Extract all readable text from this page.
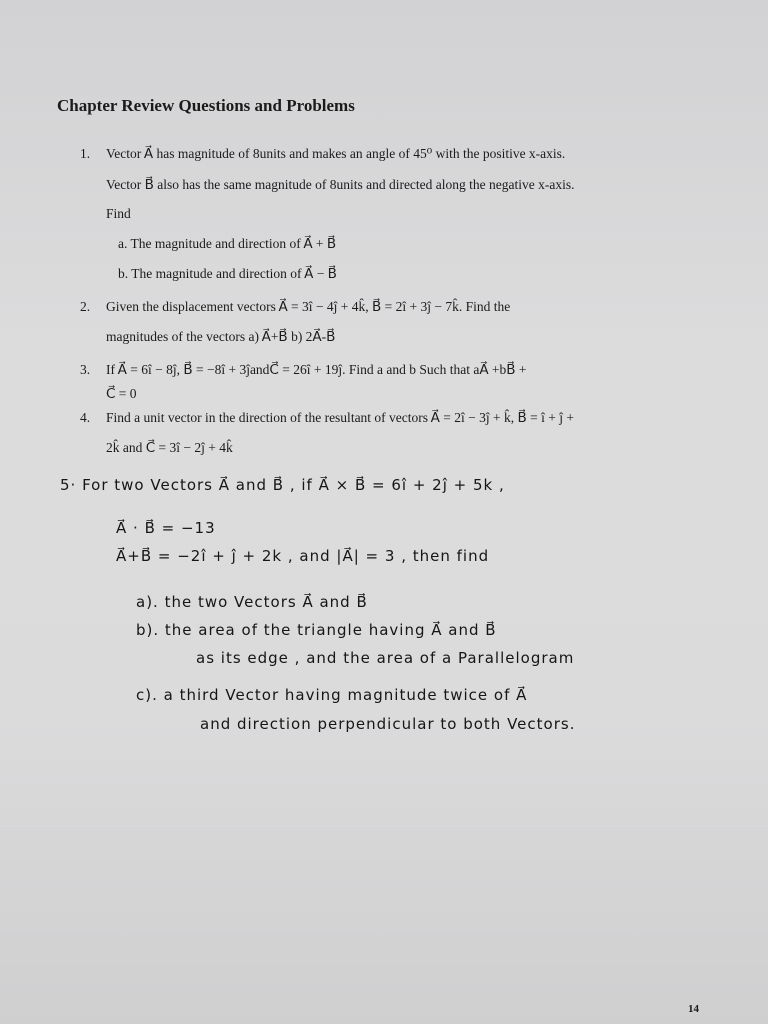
Chapter Review Questions and Problems
1. Vector A⃗ has magnitude of 8units and makes an angle of 45⁰ with the positive x-axis.
Vector B⃗ also has the same magnitude of 8units and directed along the negative x-axis.
Find
a. The magnitude and direction of A⃗ + B⃗
b. The magnitude and direction of A⃗ − B⃗
2. Given the displacement vectors A⃗ = 3î − 4ĵ + 4k̂, B⃗ = 2î + 3ĵ − 7k̂. Find the
magnitudes of the vectors a) A⃗+B⃗ b) 2A⃗-B⃗
3. If A⃗ = 6î − 8ĵ, B⃗ = −8î + 3ĵandC⃗ = 26î + 19ĵ. Find a and b Such that aA⃗ +bB⃗ +
C⃗ = 0
4. Find a unit vector in the direction of the resultant of vectors A⃗ = 2î − 3ĵ + k̂, B⃗ = î + ĵ +
2k̂ and C⃗ = 3î − 2ĵ + 4k̂
5· For two Vectors A⃗ and B⃗ , if A⃗ × B⃗ = 6î + 2ĵ + 5k ,
A⃗ · B⃗ = −13
A⃗+B⃗ = −2î + ĵ + 2k , and |A⃗| = 3 , then find
a). the two Vectors A⃗ and B⃗
b). the area of the triangle having A⃗ and B⃗
as its edge , and the area of a Parallelogram
c). a third Vector having magnitude twice of A⃗
and direction perpendicular to both Vectors.
14
